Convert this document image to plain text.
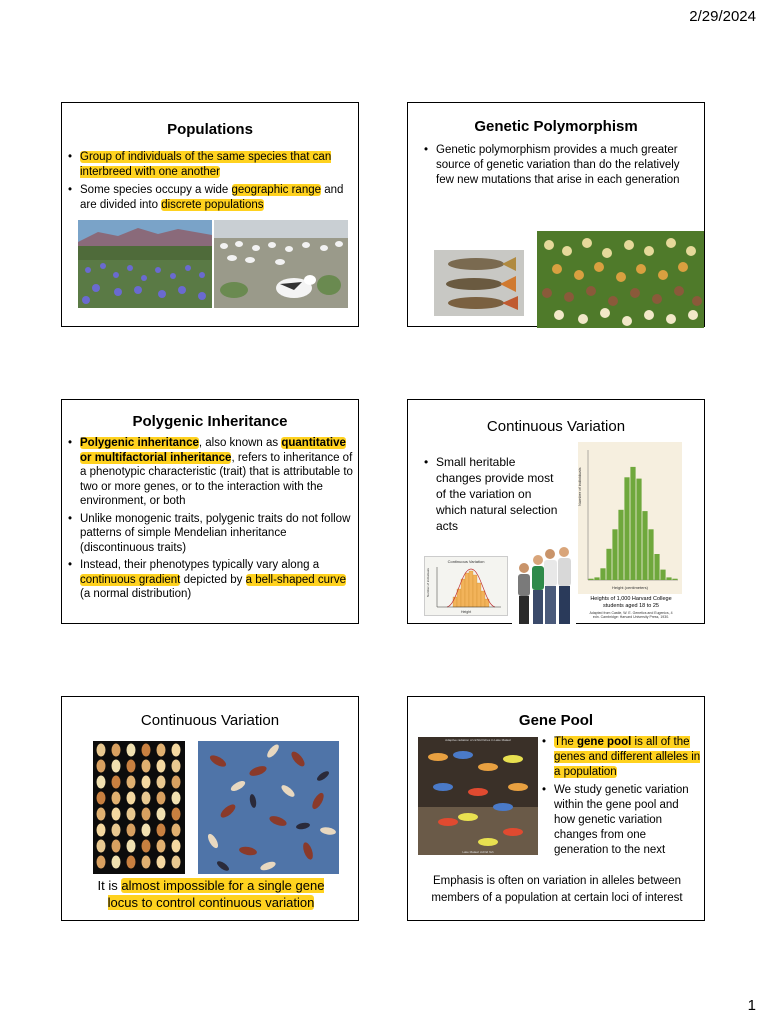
2/29/2024
Populations
• Group of individuals of the same species that can interbreed with one another
• Some species occupy a wide geographic range and are divided into discrete populations
Genetic Polymorphism
• Genetic polymorphism provides a much greater source of genetic variation than do the relatively few new mutations that arise in each generation
Polygenic Inheritance
• Polygenic inheritance, also known as quantitative or multifactorial inheritance, refers to inheritance of a phenotypic characteristic (trait) that is attributable to two or more genes, or to the interaction with the environment, or both
• Unlike monogenic traits, polygenic traits do not follow patterns of simple Mendelian inheritance (discontinuous traits)
• Instead, their phenotypes typically vary along a continuous gradient depicted by a bell-shaped curve (a normal distribution)
Continuous Variation
• Small heritable changes provide most of the variation on which natural selection acts
Number of individuals
Height (centimeters)
Heights of 1,000 Harvard College students aged 18 to 25
Adapted from Castle, W. E. Genetics and Eugenics, 4 edn. Cambridge: Harvard University Press, 1930.
Continuous Variation
Height
Number of individuals
Continuous Variation
It is almost impossible for a single gene locus to control continuous variation
Gene Pool
Adaptive radiation of cichlid fishes in Lake Malawi
Lake Malawi cichlid fish
• The gene pool is all of the genes and different alleles in a population
• We study genetic variation within the gene pool and how genetic variation changes from one generation to the next
Emphasis is often on variation in alleles between members of a population at certain loci of interest
1
